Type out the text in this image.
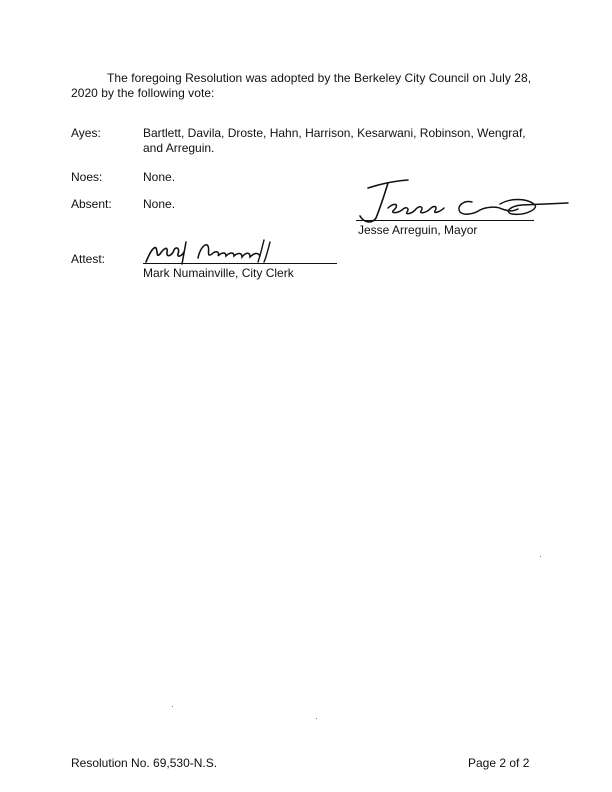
The foregoing Resolution was adopted by the Berkeley City Council on July 28, 2020 by the following vote:
Ayes:	Bartlett, Davila, Droste, Hahn, Harrison, Kesarwani, Robinson, Wengraf, and Arreguin.
Noes:	None.
Absent:	None.
Jesse Arreguin, Mayor
Attest:
Mark Numainville, City Clerk
Resolution No. 69,530-N.S.	Page 2 of 2
